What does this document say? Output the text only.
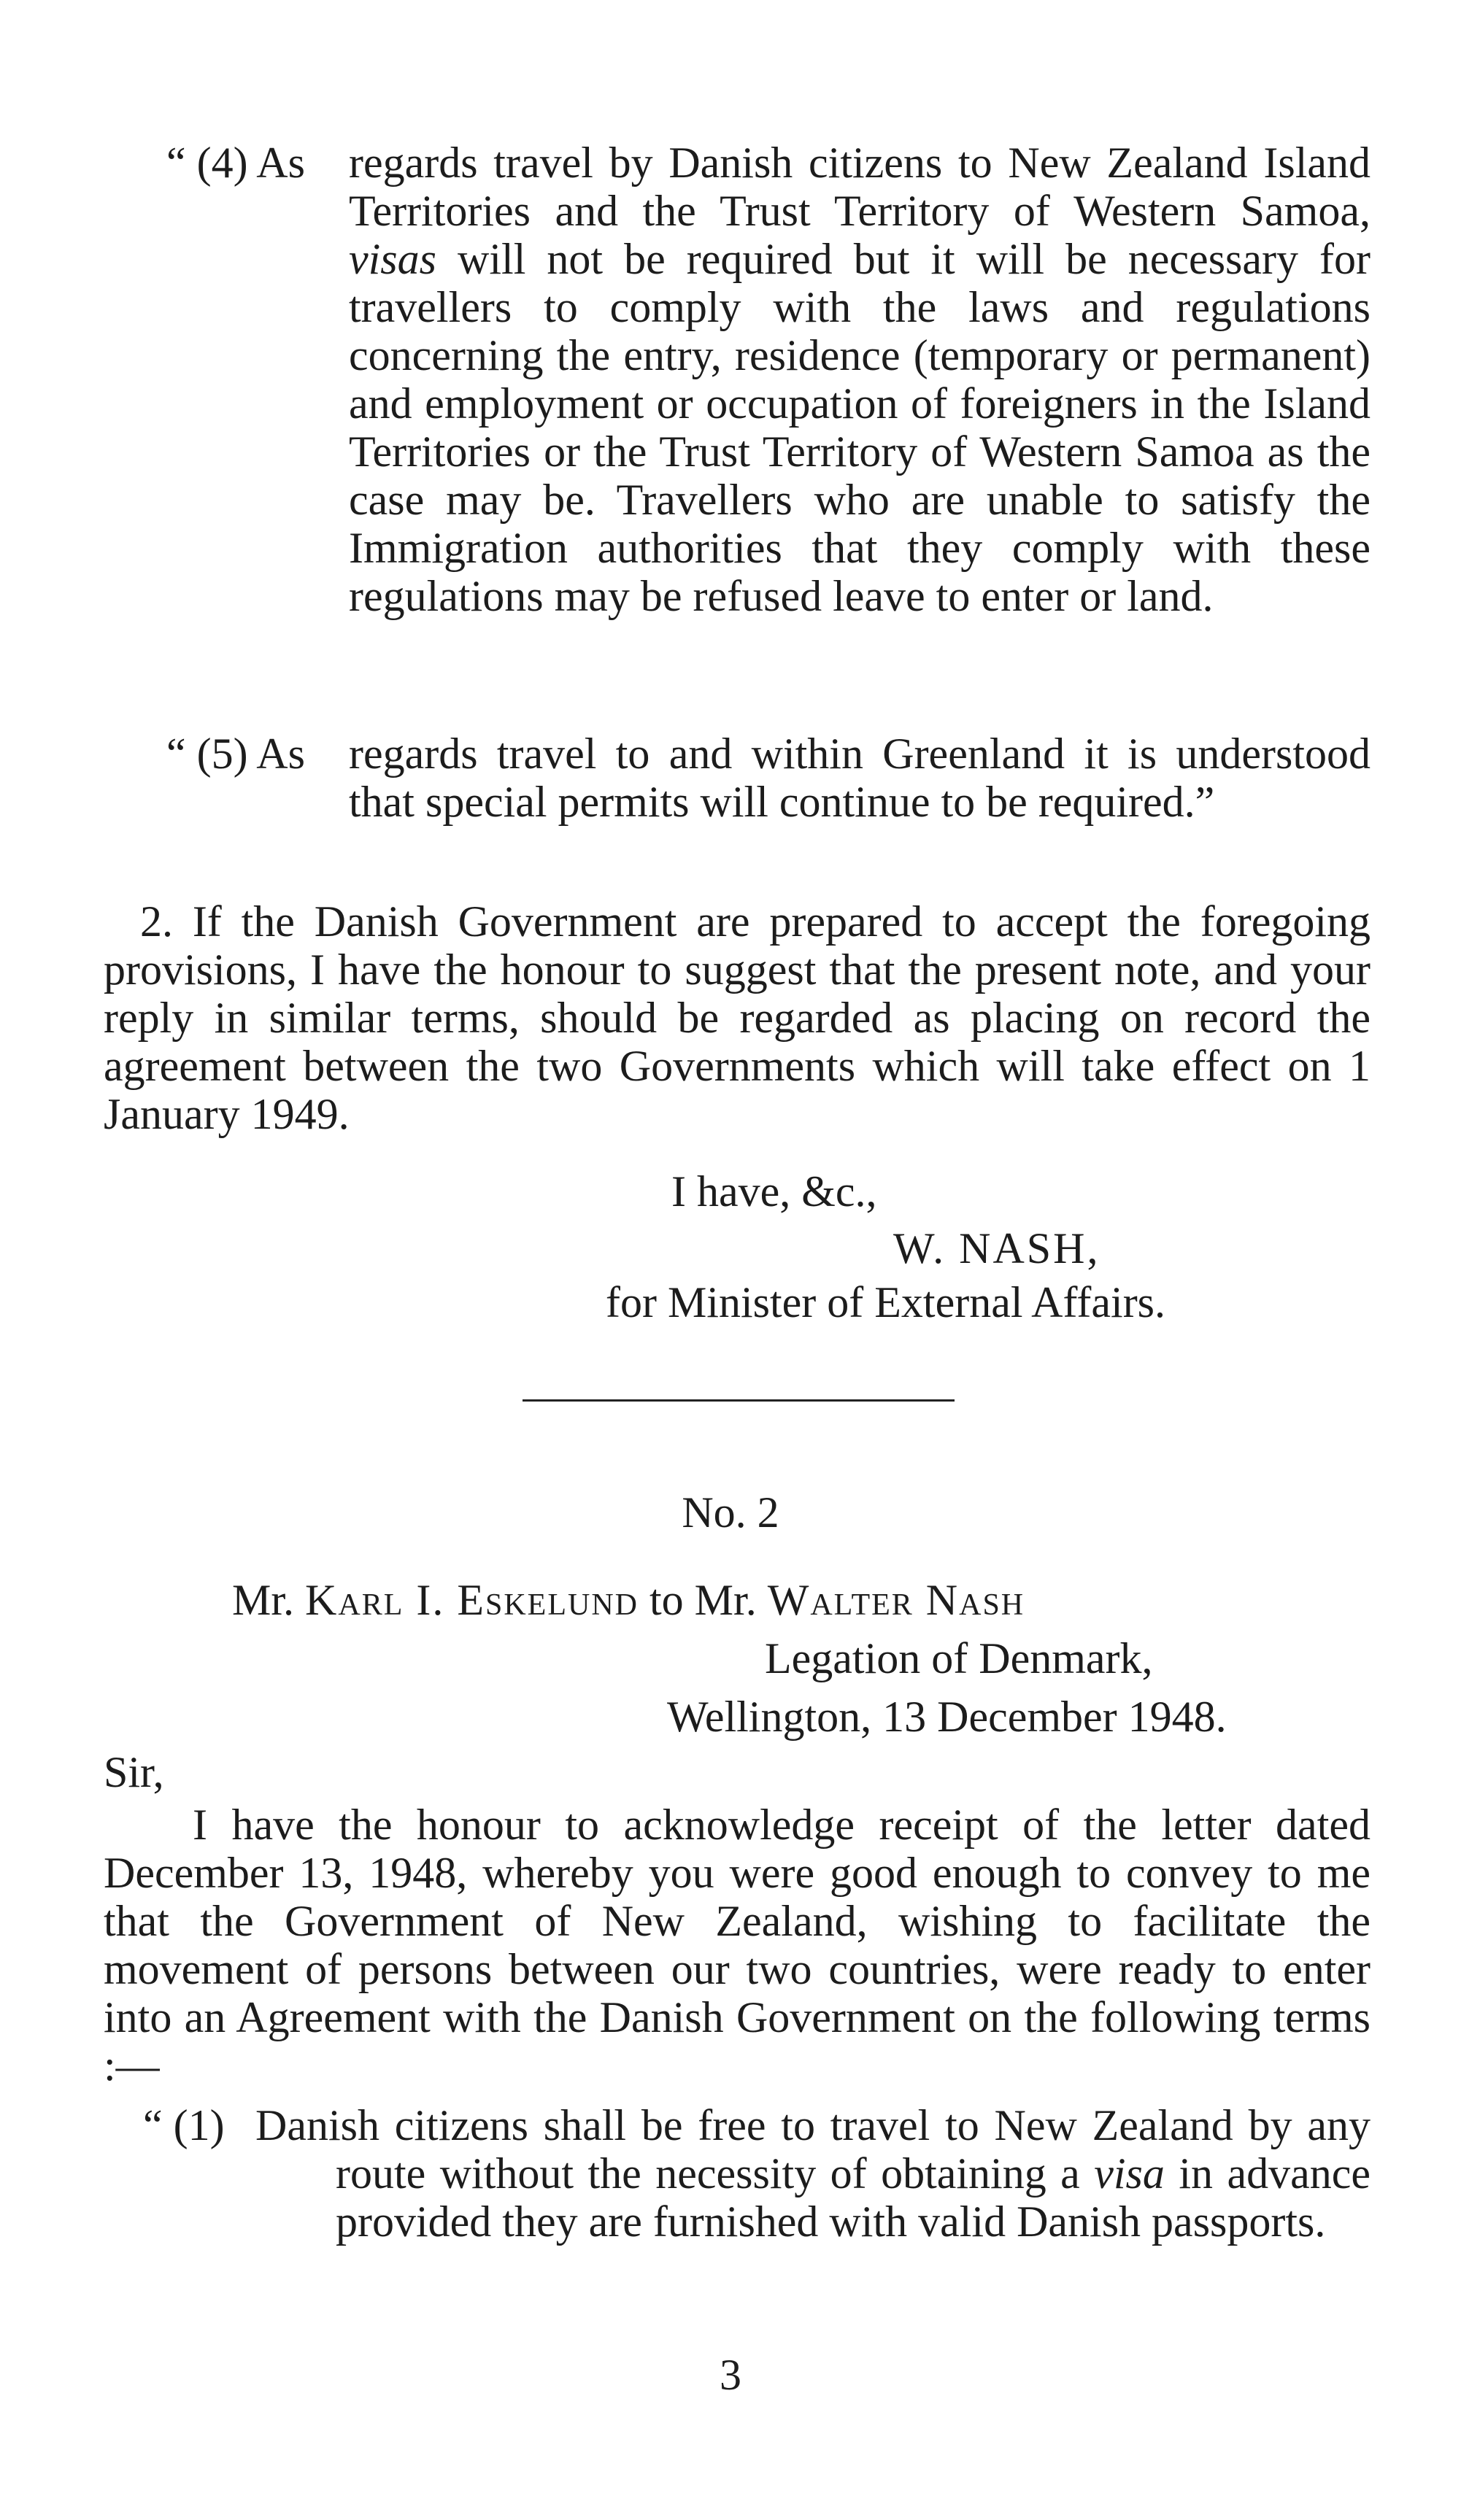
“ (4) As regards travel by Danish citizens to New Zealand Island Territories and the Trust Territory of Western Samoa, visas will not be required but it will be necessary for travellers to comply with the laws and regulations concerning the entry, residence (temporary or permanent) and employment or occupation of foreigners in the Island Territories or the Trust Territory of Western Samoa as the case may be. Travellers who are unable to satisfy the Immigration authorities that they comply with these regulations may be refused leave to enter or land.
“ (5) As regards travel to and within Greenland it is understood that special permits will continue to be required.”
2. If the Danish Government are prepared to accept the foregoing provisions, I have the honour to suggest that the present note, and your reply in similar terms, should be regarded as placing on record the agreement between the two Governments which will take effect on 1 January 1949.
I have, &c.,
W. NASH,
for Minister of External Affairs.
No. 2
Mr. Karl I. Eskelund to Mr. Walter Nash
Legation of Denmark,
Wellington, 13 December 1948.
Sir,
I have the honour to acknowledge receipt of the letter dated December 13, 1948, whereby you were good enough to convey to me that the Government of New Zealand, wishing to facilitate the movement of persons between our two countries, were ready to enter into an Agreement with the Danish Government on the following terms :—
“ (1) Danish citizens shall be free to travel to New Zealand by any route without the necessity of obtaining a visa in advance provided they are furnished with valid Danish passports.
3
